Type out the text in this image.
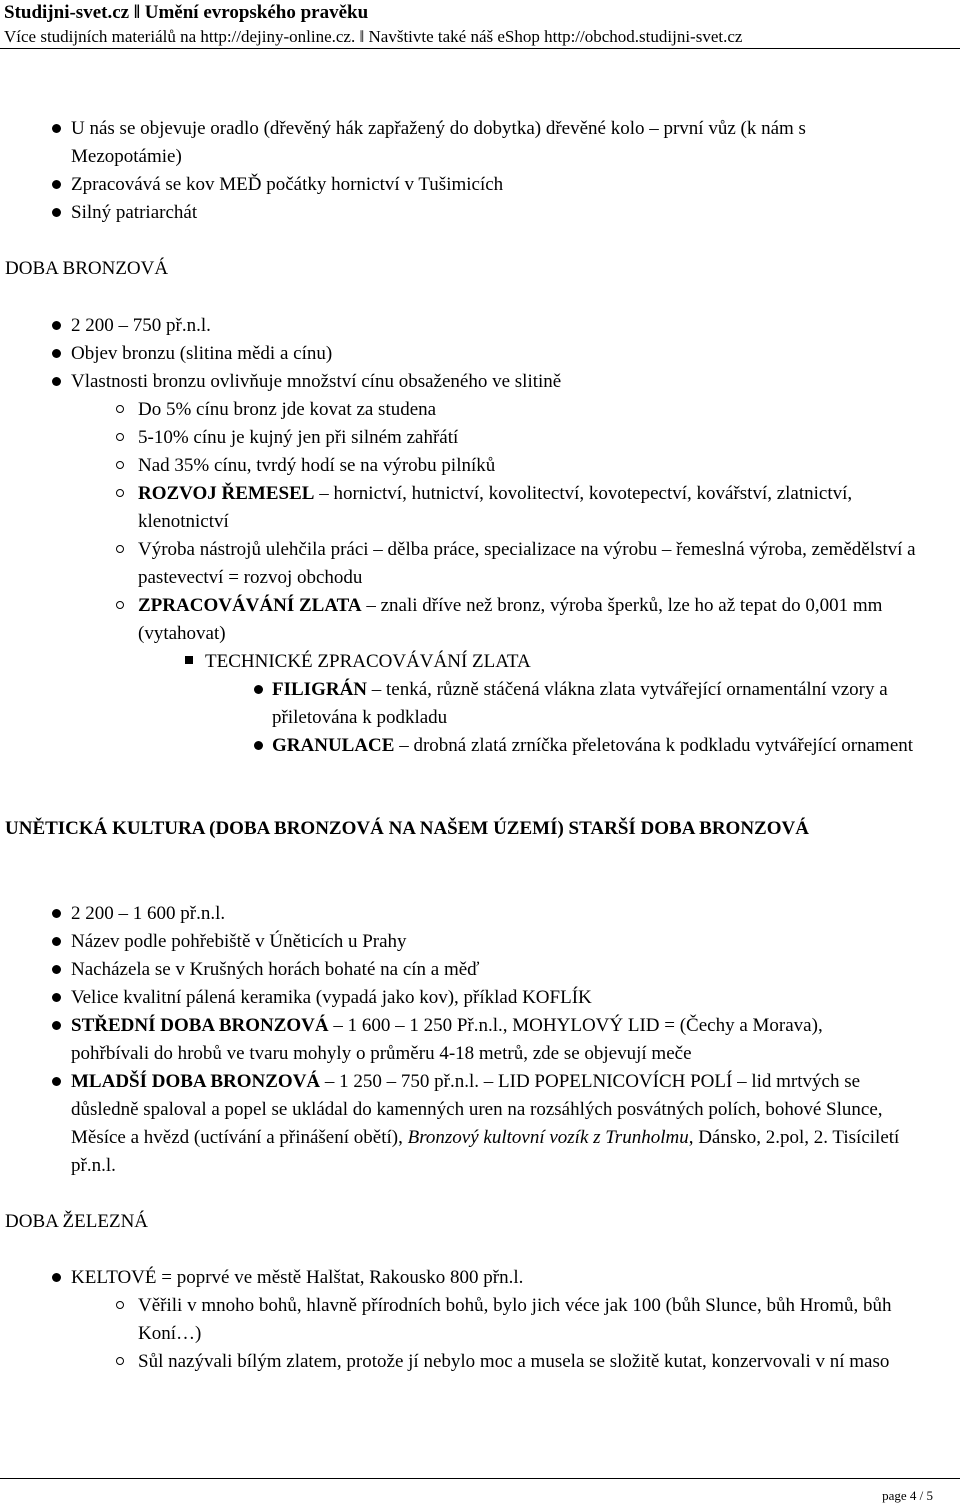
Studijni-svet.cz ǁ Umění evropského pravěku
Více studijních materiálů na http://dejiny-online.cz. ǁ Navštivte také náš eShop http://obchod.studijni-svet.cz
U nás se objevuje oradlo (dřevěný hák zapřažený do dobytka) dřevěné kolo – první vůz (k nám s Mezopotámie)
Zpracovává se kov MEĎ počátky hornictví v Tušimicích
Silný patriarchát
DOBA BRONZOVÁ
2 200 – 750 př.n.l.
Objev bronzu (slitina mědi a cínu)
Vlastnosti bronzu ovlivňuje množství cínu obsaženého ve slitině
Do 5% cínu bronz jde kovat za studena
5-10% cínu je kujný jen při silném zahřátí
Nad 35% cínu, tvrdý hodí se na výrobu pilníků
ROZVOJ ŘEMESEL – hornictví, hutnictví, kovolitectví, kovotepectví, kovářství, zlatnictví, klenotnictví
Výroba nástrojů ulehčila práci – dělba práce, specializace na výrobu – řemeslná výroba, zemědělství a pastevectví = rozvoj obchodu
ZPRACOVÁVÁNÍ ZLATA – znali dříve než bronz, výroba šperků, lze ho až tepat do 0,001 mm (vytahovat)
TECHNICKÉ ZPRACOVÁVÁNÍ ZLATA
FILIGRÁN – tenká, různě stáčená vlákna zlata vytvářející ornamentální vzory a přiletována k podkladu
GRANULACE – drobná zlatá zrníčka přeletována k podkladu vytvářející ornament
UNĚTICKÁ KULTURA (DOBA BRONZOVÁ NA NAŠEM ÚZEMÍ) STARŠÍ DOBA BRONZOVÁ
2 200 – 1 600 př.n.l.
Název podle pohřebiště v Úněticích u Prahy
Nacházela se v Krušných horách bohaté na cín a měď
Velice kvalitní pálená keramika (vypadá jako kov), příklad KOFLÍK
STŘEDNÍ DOBA BRONZOVÁ – 1 600 – 1 250 Př.n.l., MOHYLOVÝ LID = (Čechy a Morava), pohřbívali do hrobů ve tvaru mohyly o průměru 4-18 metrů, zde se objevují meče
MLADŠÍ DOBA BRONZOVÁ – 1 250 – 750 př.n.l. – LID POPELNICOVÍCH POLÍ – lid mrtvých se důsledně spaloval a popel se ukládal do kamenných uren na rozsáhlých posvátných polích, bohové Slunce, Měsíce a hvězd (uctívání a přinášení obětí), Bronzový kultovní vozík z Trunholmu, Dánsko, 2.pol, 2. Tisíciletí př.n.l.
DOBA ŽELEZNÁ
KELTOVÉ = poprvé ve městě Halštat, Rakousko 800 přn.l.
Věřili v mnoho bohů, hlavně přírodních bohů, bylo jich véce jak 100 (bůh Slunce, bůh Hromů, bůh Koní…)
Sůl nazývali bílým zlatem, protože jí nebylo moc a musela se složitě kutat, konzervovali v ní maso
page 4 / 5
